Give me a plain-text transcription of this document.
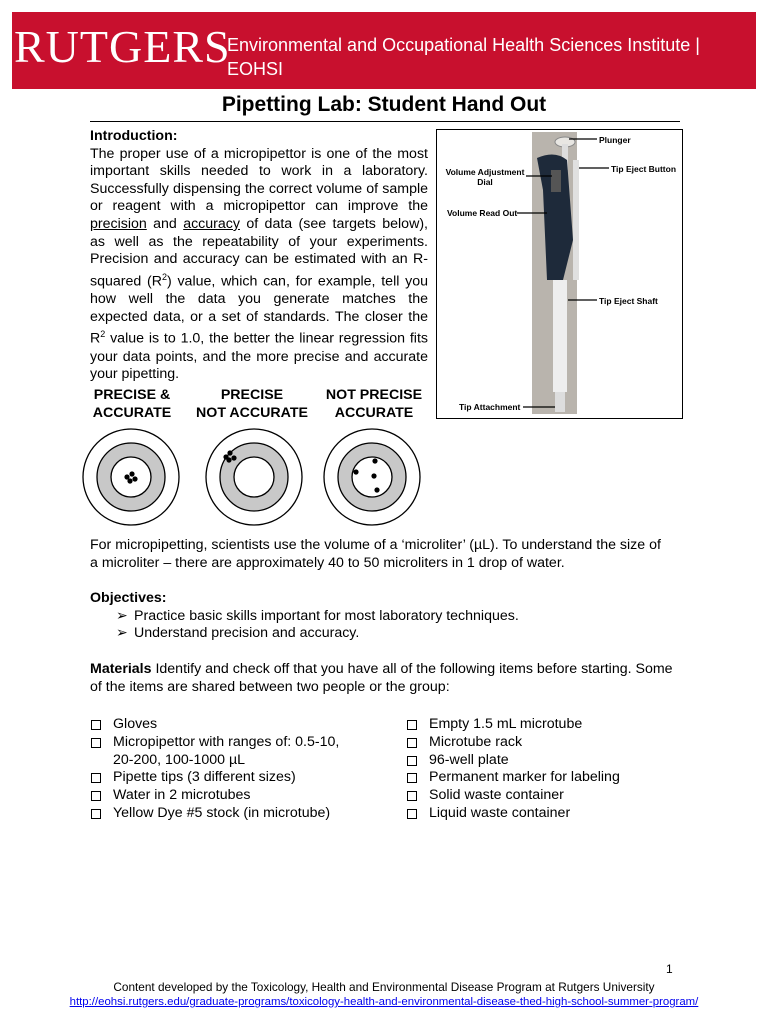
RUTGERS
Environmental and Occupational Health Sciences Institute | EOHSI
Pipetting Lab: Student Hand Out
Introduction:
The proper use of a micropipettor is one of the most important skills needed to work in a laboratory. Successfully dispensing the correct volume of sample or reagent with a micropipettor can improve the precision and accuracy of data (see targets below), as well as the repeatability of your experiments. Precision and accuracy can be estimated with an R-squared $(R^2)$ value, which can, for example, tell you how well the data you generate matches the expected data, or a set of standards. The closer the $R^2$ value is to 1.0, the better the linear regression fits your data points, and the more precise and accurate your pipetting.
Plunger
Tip Eject Button
Volume Adjustment
Dial
Volume Read Out
Tip Eject Shaft
Tip Attachment
PRECISE &
ACCURATE
PRECISE
NOT ACCURATE
NOT PRECISE
ACCURATE
For micropipetting, scientists use the volume of a ‘microliter’ (µL). To understand the size of a microliter – there are approximately 40 to 50 microliters in 1 drop of water.
Objectives:
➢ Practice basic skills important for most laboratory techniques.
➢ Understand precision and accuracy.
Materials Identify and check off that you have all of the following items before starting. Some of the items are shared between two people or the group:
Gloves
Micropipettor with ranges of: 0.5-10,
20-200, 100-1000 µL
Pipette tips (3 different sizes)
Water in 2 microtubes
Yellow Dye #5 stock (in microtube)
Empty 1.5 mL microtube
Microtube rack
96-well plate
Permanent marker for labeling
Solid waste container
Liquid waste container
1
Content developed by the Toxicology, Health and Environmental Disease Program at Rutgers University
http://eohsi.rutgers.edu/graduate-programs/toxicology-health-and-environmental-disease-thed-high-school-summer-program/
